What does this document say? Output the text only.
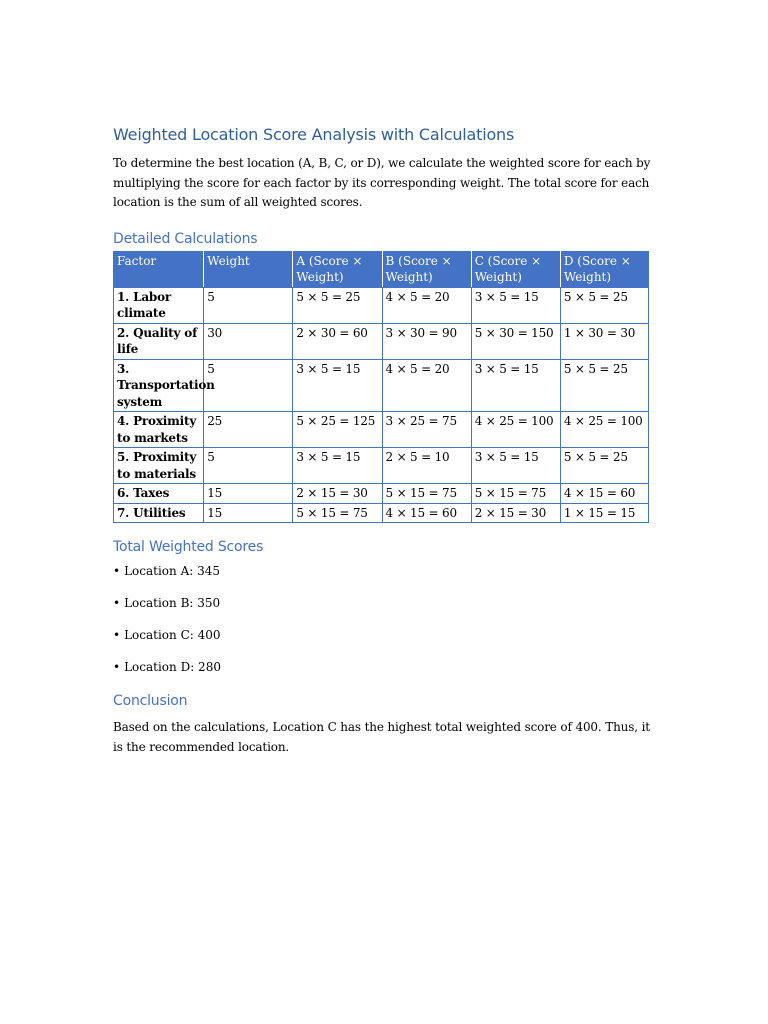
Weighted Location Score Analysis with Calculations

To determine the best location (A, B, C, or D), we calculate the weighted score for each by multiplying the score for each factor by its corresponding weight. The total score for each location is the sum of all weighted scores.

Detailed Calculations
Factor	Weight	A (Score × Weight)	B (Score × Weight)	C (Score × Weight)	D (Score × Weight)
1. Labor climate	5	5 × 5 = 25	4 × 5 = 20	3 × 5 = 15	5 × 5 = 25
2. Quality of life	30	2 × 30 = 60	3 × 30 = 90	5 × 30 = 150	1 × 30 = 30
3. Transportation system	5	3 × 5 = 15	4 × 5 = 20	3 × 5 = 15	5 × 5 = 25
4. Proximity to markets	25	5 × 25 = 125	3 × 25 = 75	4 × 25 = 100	4 × 25 = 100
5. Proximity to materials	5	3 × 5 = 15	2 × 5 = 10	3 × 5 = 15	5 × 5 = 25
6. Taxes	15	2 × 15 = 30	5 × 15 = 75	5 × 15 = 75	4 × 15 = 60
7. Utilities	15	5 × 15 = 75	4 × 15 = 60	2 × 15 = 30	1 × 15 = 15
Total Weighted Scores
• Location A: 345
• Location B: 350
• Location C: 400
• Location D: 280
Conclusion

Based on the calculations, Location C has the highest total weighted score of 400. Thus, it is the recommended location.
